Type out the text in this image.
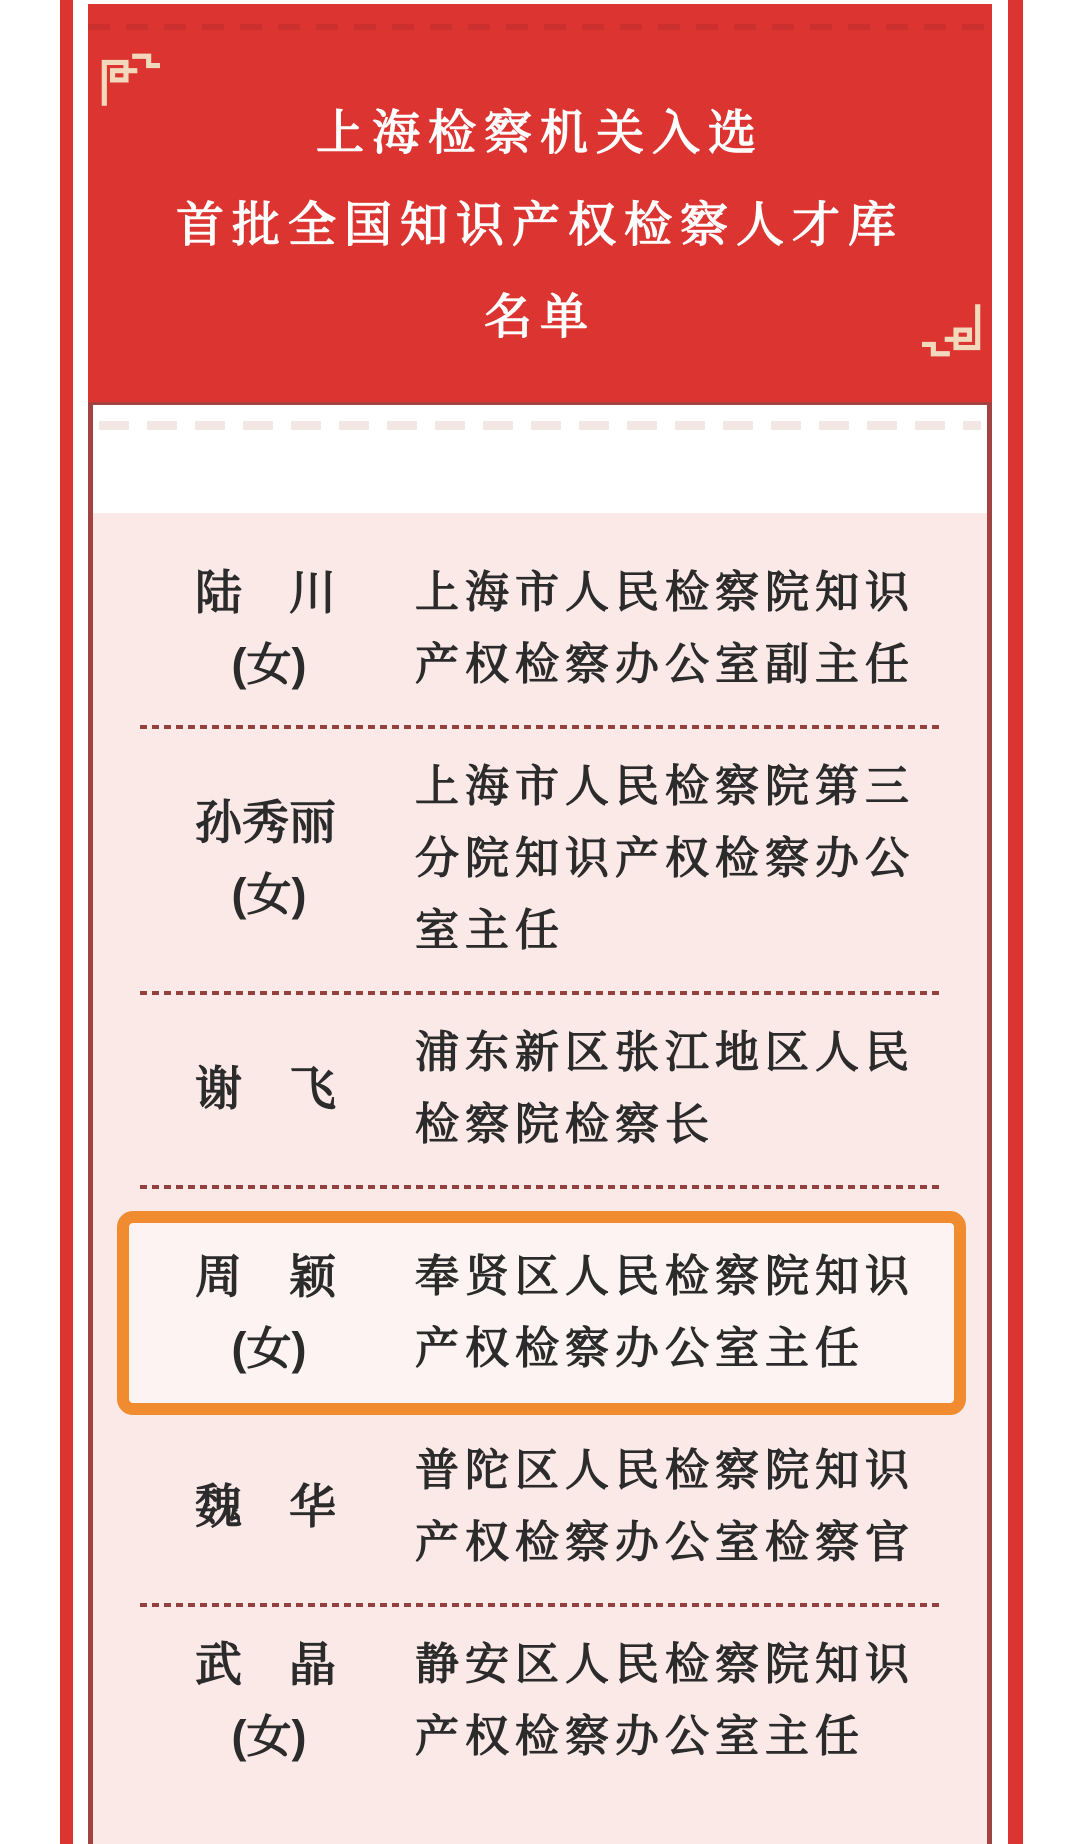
上海检察机关入选
首批全国知识产权检察人才库
名单
陆　川
(女)
上海市人民检察院知识
产权检察办公室副主任
孙秀丽
(女)
上海市人民检察院第三
分院知识产权检察办公
室主任
谢　飞
浦东新区张江地区人民
检察院检察长
周　颖
(女)
奉贤区人民检察院知识
产权检察办公室主任
魏　华
普陀区人民检察院知识
产权检察办公室检察官
武　晶
(女)
静安区人民检察院知识
产权检察办公室主任
